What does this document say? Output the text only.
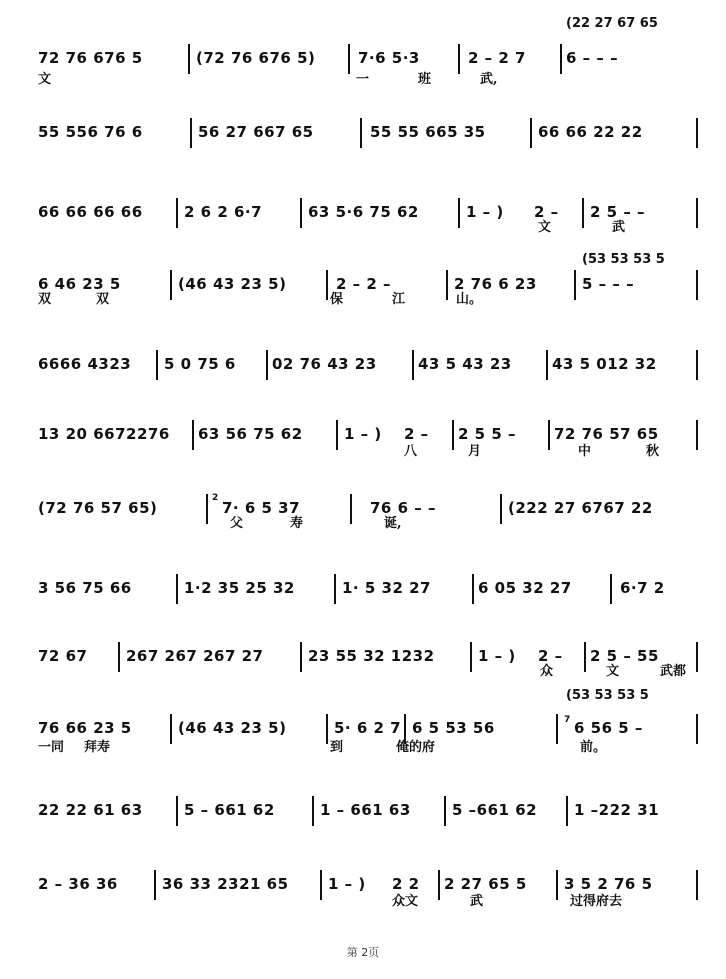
(22 27 67 65
72 76 676 5	(72 76 676 5)	7·6 5·3	2 – 2 7	6 – – –
文	一	班	武,
55 556 76 6	56 27 667 65	55 55 665 35	66 66 22 22
66 66 66 66	2 6 2 6·7	63 5·6 75 62	1 – ) 2 – 2 5 – –
文	武
(53 53 53 5
6 46 23 5	(46 43 23 5)	2 – 2 –	2 76 6 23	5 – – –
双	双	保	江	山。
6666 4323 5 0 75 6 02 76 43 23	43 5 43 23	43 5 012 32
13 20 6672276 63 56 75 62	1 – ) 2 – 2 5 5 –	72 76 57 65
八	月	中	秋
(72 76 57 65)
2
7· 6 5 37	76 6 – –	(222 27 6767 22
父	寿	诞,
3 56 75 66	1·2 35 25 32	1· 5 32 27	6 05 32 27	6·7 2
72 67	267 267 267 27	23 55 32 1232	1 – ) 2 – 2 5 – 55
众	文	武都
(53 53 53 5
76 66 23 5	(46 43 23 5)	5· 6 2 7 6 5 53 56	7 6 56 5 –
一同 拜寿	到	俺的府	前。
22 22 61 63	5 – 661 62	1 – 661 63	5 –661 62 1 –222 31
2 – 36 36	36 33 2321 65	1 – ) 2 2 2 27 65 5 3 5 2 76 5
众文	武	过得府去
第 2页
